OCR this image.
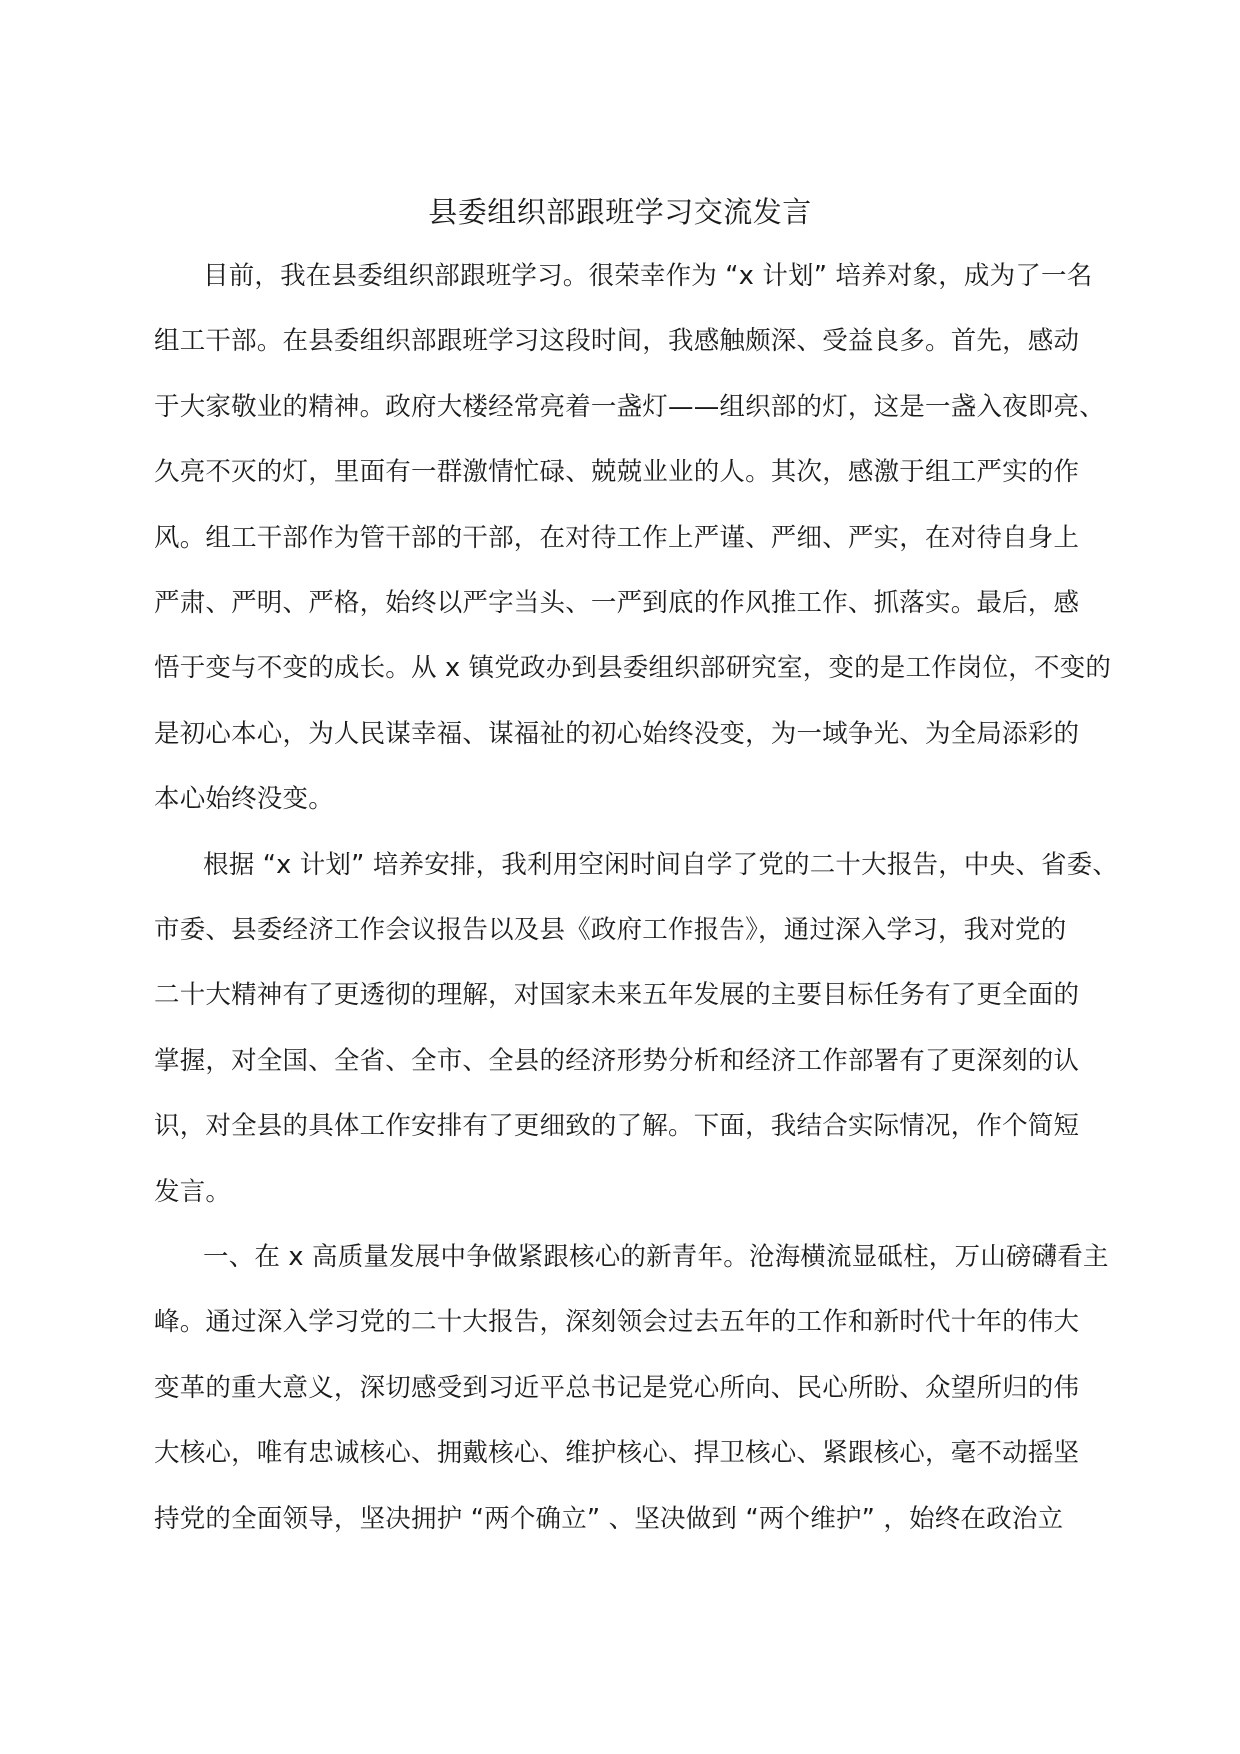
县委组织部跟班学习交流发言

目前，我在县委组织部跟班学习。很荣幸作为 “x 计划” 培养对象，成为了一名

组工干部。在县委组织部跟班学习这段时间，我感触颇深、受益良多。首先，感动

于大家敬业的精神。政府大楼经常亮着一盏灯——组织部的灯，这是一盏入夜即亮、

久亮不灭的灯，里面有一群激情忙碌、兢兢业业的人。其次，感激于组工严实的作

风。组工干部作为管干部的干部，在对待工作上严谨、严细、严实，在对待自身上

严肃、严明、严格，始终以严字当头、一严到底的作风推工作、抓落实。最后，感

悟于变与不变的成长。从 x 镇党政办到县委组织部研究室，变的是工作岗位，不变的

是初心本心，为人民谋幸福、谋福祉的初心始终没变，为一域争光、为全局添彩的

本心始终没变。

根据 “x 计划” 培养安排，我利用空闲时间自学了党的二十大报告，中央、省委、

市委、县委经济工作会议报告以及县《政府工作报告》，通过深入学习，我对党的

二十大精神有了更透彻的理解，对国家未来五年发展的主要目标任务有了更全面的

掌握，对全国、全省、全市、全县的经济形势分析和经济工作部署有了更深刻的认

识，对全县的具体工作安排有了更细致的了解。下面，我结合实际情况，作个简短

发言。

一、在 x 高质量发展中争做紧跟核心的新青年。沧海横流显砥柱，万山磅礴看主

峰。通过深入学习党的二十大报告，深刻领会过去五年的工作和新时代十年的伟大

变革的重大意义，深切感受到习近平总书记是党心所向、民心所盼、众望所归的伟

大核心，唯有忠诚核心、拥戴核心、维护核心、捍卫核心、紧跟核心，毫不动摇坚

持党的全面领导，坚决拥护 “两个确立” 、坚决做到 “两个维护” ，始终在政治立
